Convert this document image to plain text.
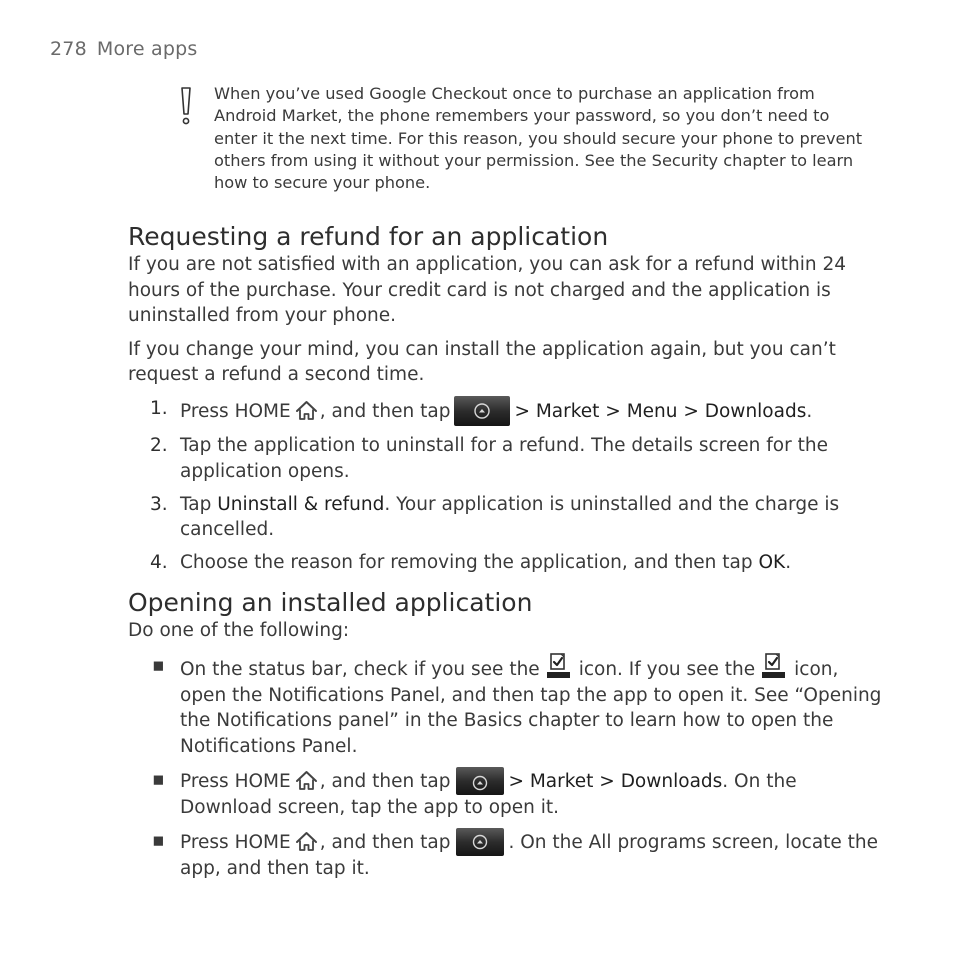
278 More apps

When you’ve used Google Checkout once to purchase an application from Android Market, the phone remembers your password, so you don’t need to enter it the next time. For this reason, you should secure your phone to prevent others from using it without your permission. See the Security chapter to learn how to secure your phone.

Requesting a refund for an application

If you are not satisfied with an application, you can ask for a refund within 24 hours of the purchase. Your credit card is not charged and the application is uninstalled from your phone.

If you change your mind, you can install the application again, but you can’t request a refund a second time.

1. Press HOME , and then tap	> Market > Menu > Downloads.
2. Tap the application to uninstall for a refund. The details screen for the application opens.
3. Tap Uninstall & refund. Your application is uninstalled and the charge is cancelled.
4. Choose the reason for removing the application, and then tap OK.
Opening an installed application

Do one of the following:

▪ On the status bar, check if you see the icon. If you see the icon, open the Notifications Panel, and then tap the app to open it. See “Opening the Notifications panel” in the Basics chapter to learn how to open the Notifications Panel.
▪ Press HOME , and then tap	> Market > Downloads. On the Download screen, tap the app to open it.
▪ Press HOME , and then tap	. On the All programs screen, locate the app, and then tap it.
